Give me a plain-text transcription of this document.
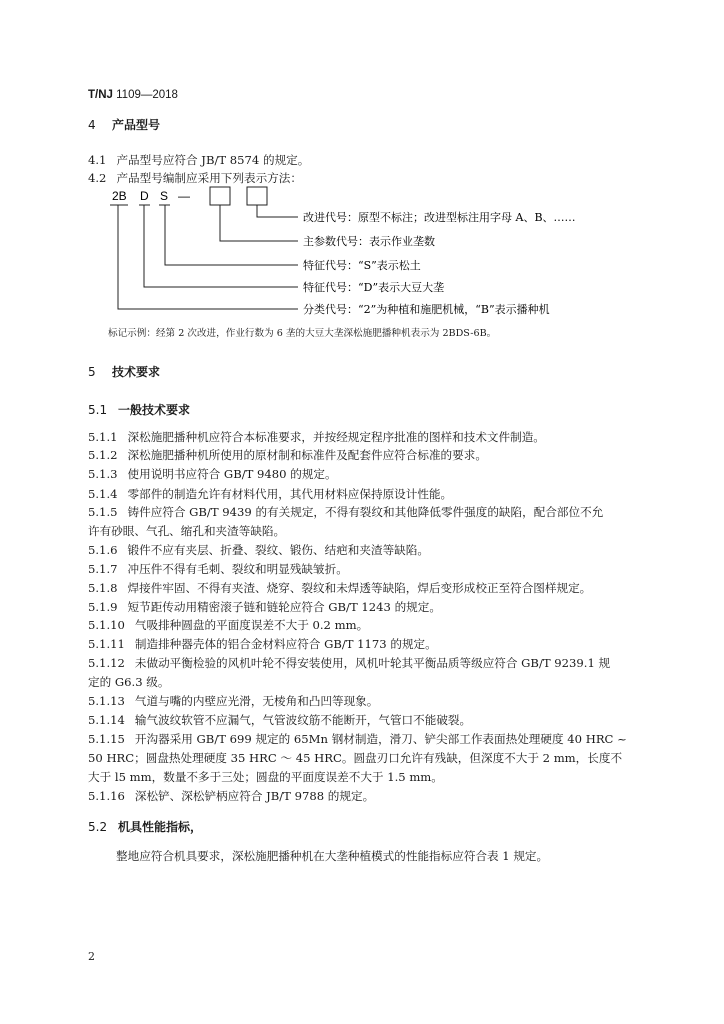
T/NJ 1109—2018
4 产品型号
4.1 产品型号应符合 JB/T 8574 的规定。
4.2 产品型号编制应采用下列表示方法：
2B D S —
改进代号：原型不标注；改进型标注用字母 A、B、……
主参数代号：表示作业垄数
特征代号：“S”表示松土
特征代号：“D”表示大豆大垄
分类代号：“2”为种植和施肥机械，“B”表示播种机
标记示例：经第 2 次改进，作业行数为 6 垄的大豆大垄深松施肥播种机表示为 2BDS-6B。
5 技术要求
5.1 一般技术要求
5.1.1 深松施肥播种机应符合本标准要求，并按经规定程序批准的图样和技术文件制造。
5.1.2 深松施肥播种机所使用的原材制和标准件及配套件应符合标准的要求。
5.1.3 使用说明书应符合 GB/T 9480 的规定。
5.1.4 零部件的制造允许有材料代用，其代用材料应保持原设计性能。
5.1.5 铸件应符合 GB/T 9439 的有关规定，不得有裂纹和其他降低零件强度的缺陷，配合部位不允
许有砂眼、气孔、缩孔和夹渣等缺陷。
5.1.6 锻件不应有夹层、折叠、裂纹、锻伤、结疤和夹渣等缺陷。
5.1.7 冲压件不得有毛刺、裂纹和明显残缺皱折。
5.1.8 焊接件牢固、不得有夹渣、烧穿、裂纹和未焊透等缺陷，焊后变形成校正至符合图样规定。
5.1.9 短节距传动用精密滚子链和链轮应符合 GB/T 1243 的规定。
5.1.10 气吸排种圆盘的平面度误差不大于 0.2 mm。
5.1.11 制造排种器壳体的铝合金材料应符合 GB/T 1173 的规定。
5.1.12 未做动平衡检验的风机叶轮不得安装使用，风机叶轮其平衡品质等级应符合 GB/T 9239.1 规
定的 G6.3 级。
5.1.13 气道与嘴的内壁应光滑，无棱角和凸凹等现象。
5.1.14 输气波纹软管不应漏气，气管波纹筋不能断开，气管口不能破裂。
5.1.15 开沟器采用 GB/T 699 规定的 65Mn 钢材制造，滑刀、铲尖部工作表面热处理硬度 40 HRC ~
50 HRC；圆盘热处理硬度 35 HRC ～ 45 HRC。圆盘刃口允许有残缺，但深度不大于 2 mm，长度不
大于 l5 mm，数量不多于三处；圆盘的平面度误差不大于 1.5 mm。
5.1.16 深松铲、深松铲柄应符合 JB/T 9788 的规定。
5.2 机具性能指标，
整地应符合机具要求，深松施肥播种机在大垄种植模式的性能指标应符合表 1 规定。
2
